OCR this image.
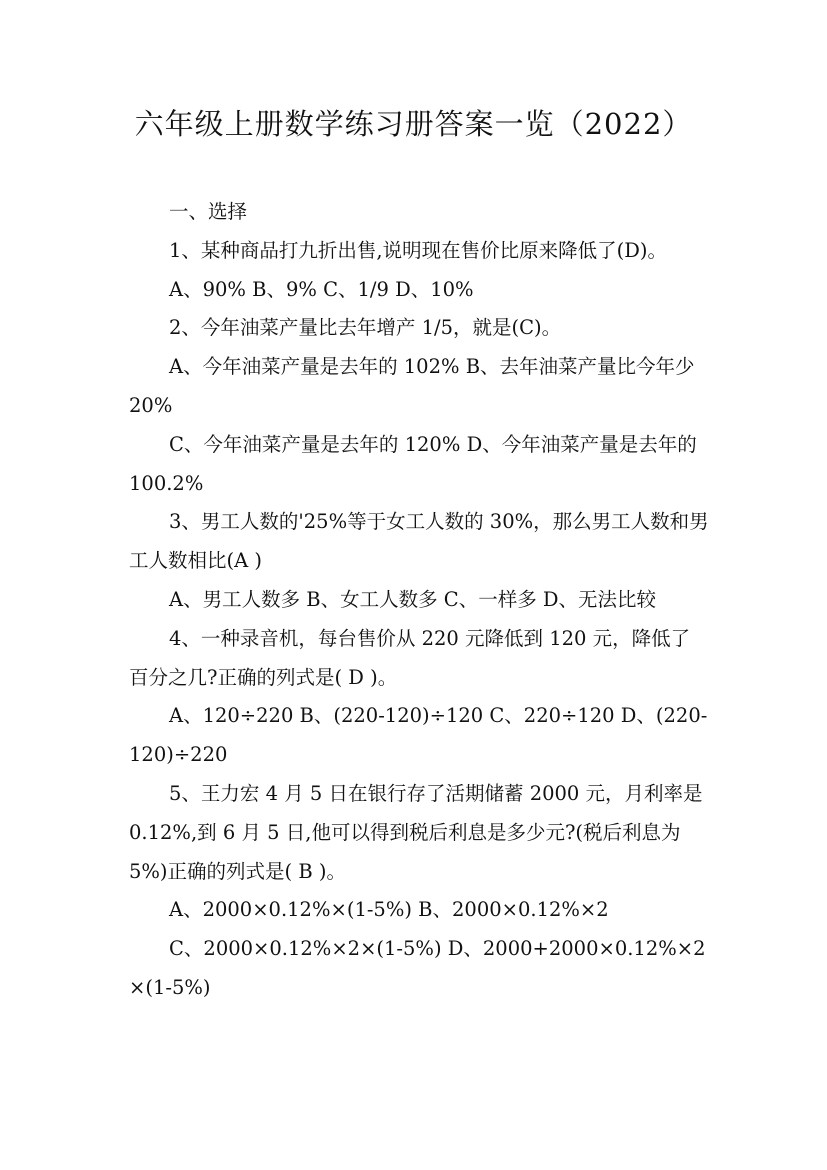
六年级上册数学练习册答案一览（2022）

一、选择

1、某种商品打九折出售,说明现在售价比原来降低了(D)。

A、90% B、9% C、1/9 D、10%

2、今年油菜产量比去年增产 1/5，就是(C)。

A、今年油菜产量是去年的 102% B、去年油菜产量比今年少 20%

C、今年油菜产量是去年的 120% D、今年油菜产量是去年的 100.2%

3、男工人数的'25%等于女工人数的 30%，那么男工人数和男工人数相比(A )

A、男工人数多 B、女工人数多 C、一样多 D、无法比较

4、一种录音机，每台售价从 220 元降低到 120 元，降低了百分之几?正确的列式是( D )。

A、120÷220 B、(220-120)÷120 C、220÷120 D、(220-120)÷220

5、王力宏 4 月 5 日在银行存了活期储蓄 2000 元，月利率是 0.12%,到 6 月 5 日,他可以得到税后利息是多少元?(税后利息为 5%)正确的列式是( B )。

A、2000×0.12%×(1-5%) B、2000×0.12%×2

C、2000×0.12%×2×(1-5%) D、2000+2000×0.12%×2×(1-5%)
